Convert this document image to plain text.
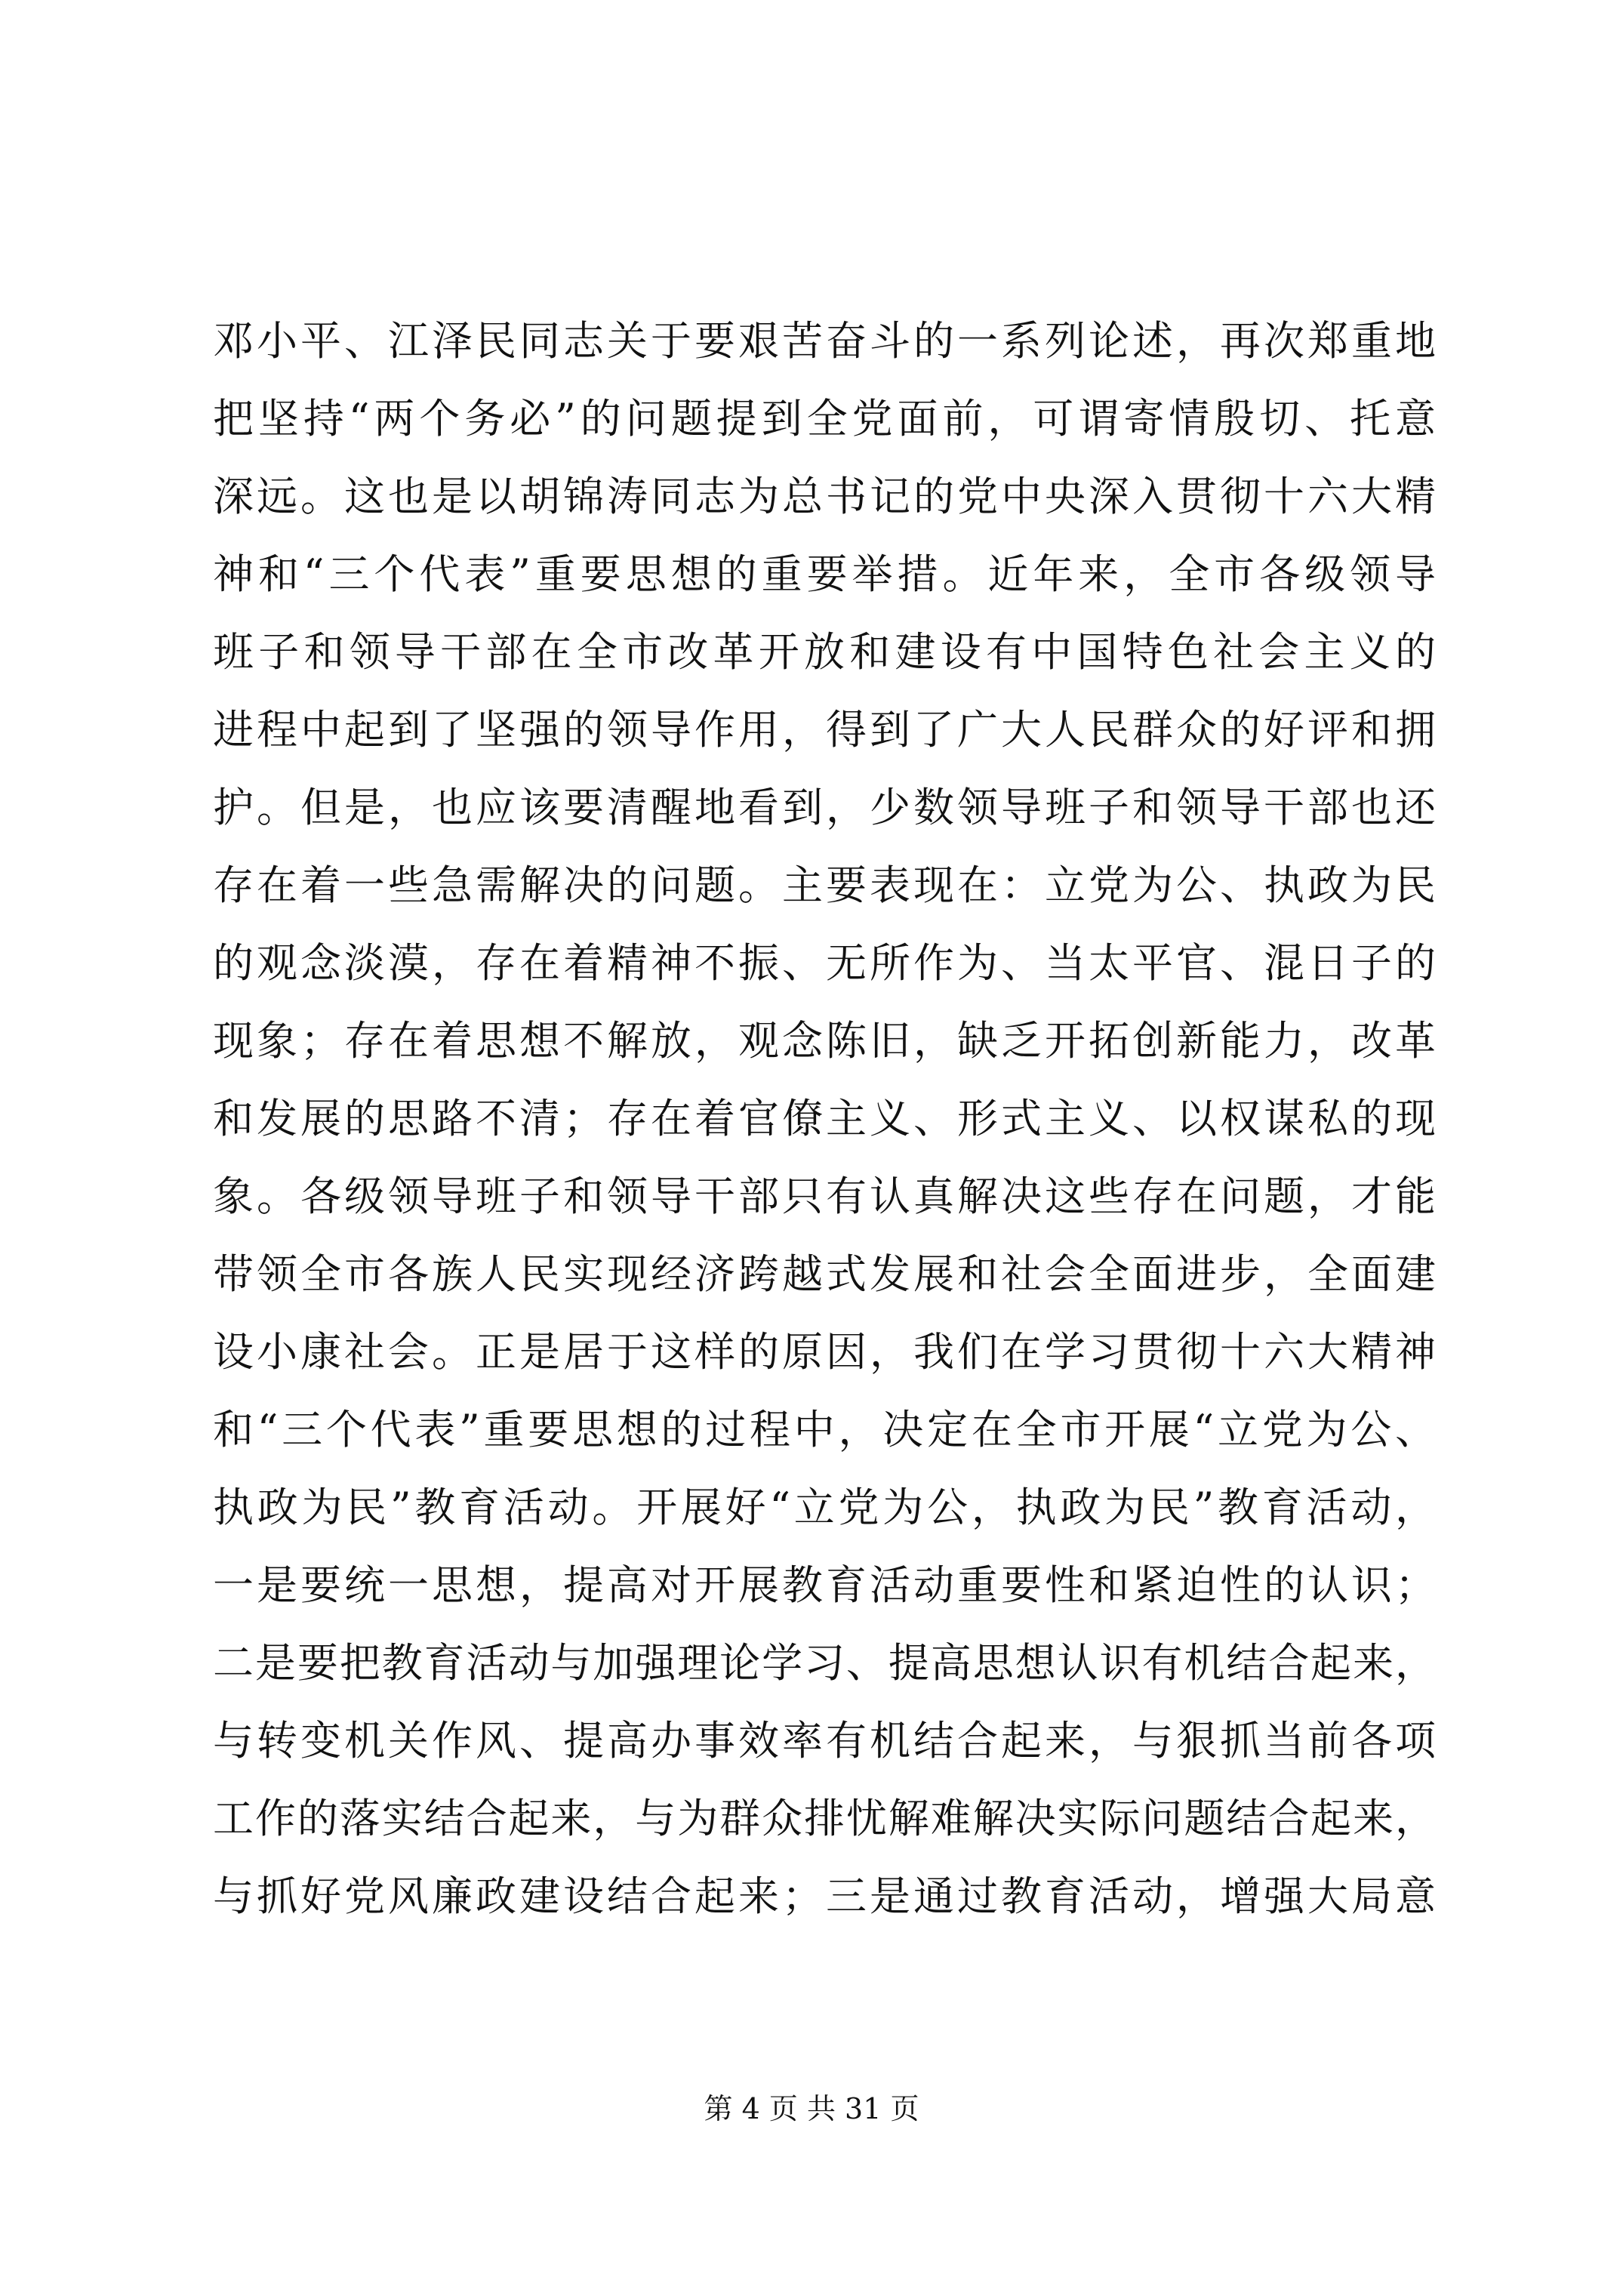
邓小平、江泽民同志关于要艰苦奋斗的一系列论述，再次郑重地
把坚持“两个务必”的问题提到全党面前，可谓寄情殷切、托意
深远。这也是以胡锦涛同志为总书记的党中央深入贯彻十六大精
神和“三个代表”重要思想的重要举措。近年来，全市各级领导
班子和领导干部在全市改革开放和建设有中国特色社会主义的
进程中起到了坚强的领导作用，得到了广大人民群众的好评和拥
护。但是，也应该要清醒地看到，少数领导班子和领导干部也还
存在着一些急需解决的问题。主要表现在：立党为公、执政为民
的观念淡漠，存在着精神不振、无所作为、当太平官、混日子的
现象；存在着思想不解放，观念陈旧，缺乏开拓创新能力，改革
和发展的思路不清；存在着官僚主义、形式主义、以权谋私的现
象。各级领导班子和领导干部只有认真解决这些存在问题，才能
带领全市各族人民实现经济跨越式发展和社会全面进步，全面建
设小康社会。正是居于这样的原因，我们在学习贯彻十六大精神
和“三个代表”重要思想的过程中，决定在全市开展“立党为公、
执政为民”教育活动。开展好“立党为公，执政为民”教育活动，
一是要统一思想，提高对开展教育活动重要性和紧迫性的认识；
二是要把教育活动与加强理论学习、提高思想认识有机结合起来，
与转变机关作风、提高办事效率有机结合起来，与狠抓当前各项
工作的落实结合起来，与为群众排忧解难解决实际问题结合起来，
与抓好党风廉政建设结合起来；三是通过教育活动，增强大局意
第 4 页 共 31 页
